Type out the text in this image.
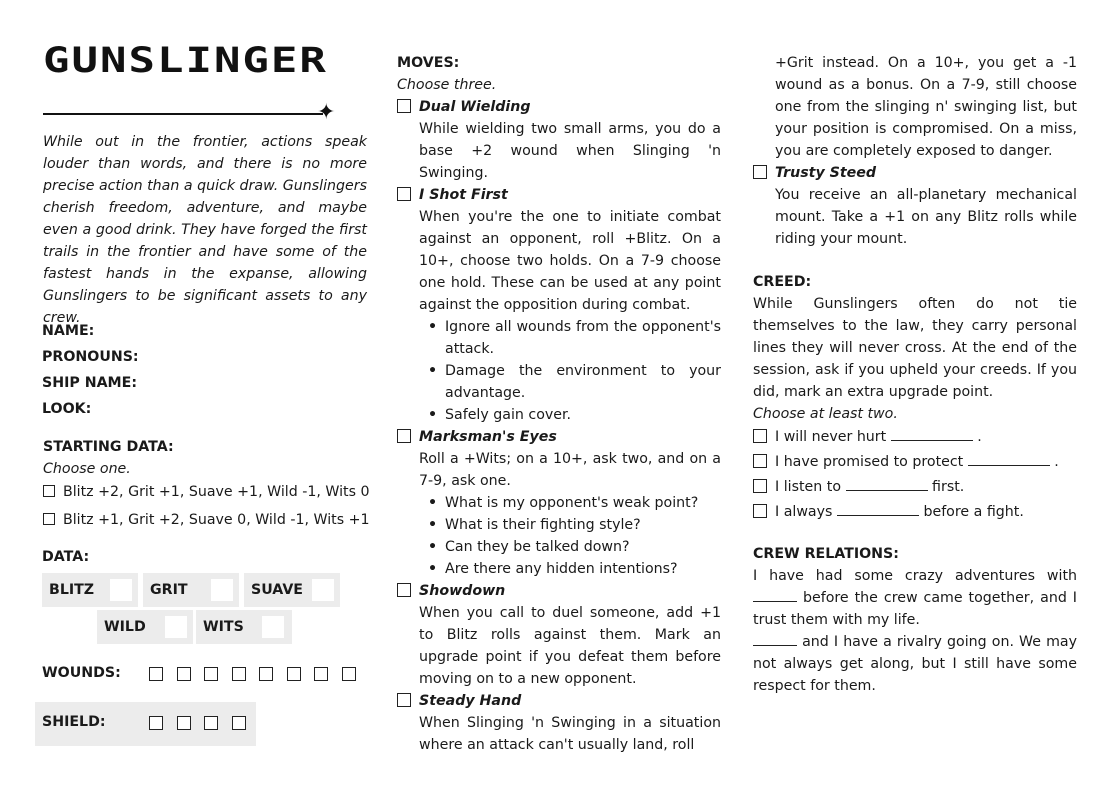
GUNSLINGER
✦
While out in the frontier, actions speak louder than words, and there is no more precise action than a quick draw. Gunslingers cherish freedom, adventure, and maybe even a good drink. They have forged the first trails in the frontier and have some of the fastest hands in the expanse, allowing Gunslingers to be significant assets to any crew.
NAME:
PRONOUNS:
SHIP NAME:
LOOK:
STARTING DATA:
Choose one.
Blitz +2, Grit +1, Suave +1, Wild -1, Wits 0
Blitz +1, Grit +2, Suave 0, Wild -1, Wits +1
DATA:
BLITZ	GRIT	SUAVE
WILD	WITS
WOUNDS:
SHIELD:
MOVES:
Choose three.
Dual Wielding
While wielding two small arms, you do a base +2 wound when Slinging 'n Swinging.
I Shot First
When you're the one to initiate combat against an opponent, roll +Blitz. On a 10+, choose two holds. On a 7-9 choose one hold. These can be used at any point against the opposition during combat.
• Ignore all wounds from the opponent's attack.
• Damage the environment to your advantage.
• Safely gain cover.
Marksman's Eyes
Roll a +Wits; on a 10+, ask two, and on a 7-9, ask one.
• What is my opponent's weak point?
• What is their fighting style?
• Can they be talked down?
• Are there any hidden intentions?
Showdown
When you call to duel someone, add +1 to Blitz rolls against them. Mark an upgrade point if you defeat them before moving on to a new opponent.
Steady Hand
When Slinging 'n Swinging in a situation where an attack can't usually land, roll
+Grit instead. On a 10+, you get a -1 wound as a bonus. On a 7-9, still choose one from the slinging n' swinging list, but your position is compromised. On a miss, you are completely exposed to danger.
Trusty Steed
You receive an all-planetary mechanical mount. Take a +1 on any Blitz rolls while riding your mount.
CREED:
While Gunslingers often do not tie themselves to the law, they carry personal lines they will never cross. At the end of the session, ask if you upheld your creeds. If you did, mark an extra upgrade point.
Choose at least two.
I will never hurt	.
I have promised to protect	.
I listen to	first.
I always	before a fight.
CREW RELATIONS:
I have had some crazy adventures with  before the crew came together, and I trust them with my life.
and I have a rivalry going on. We may not always get along, but I still have some respect for them.
